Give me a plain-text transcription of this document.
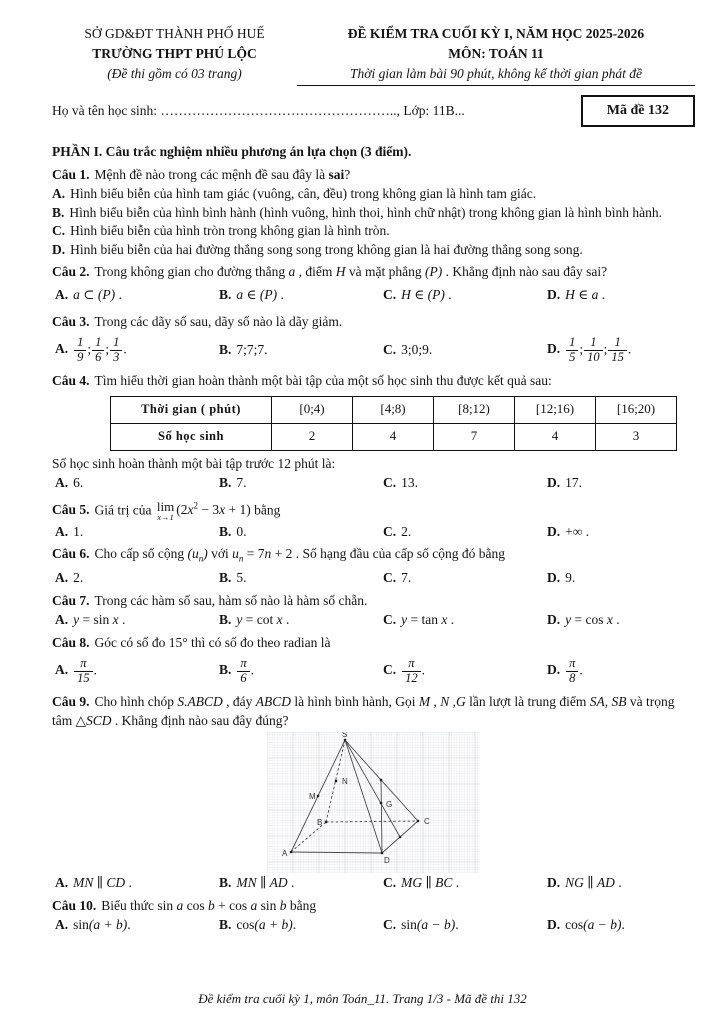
SỞ GD&ĐT THÀNH PHỐ HUẾ
TRƯỜNG THPT PHÚ LỘC
(Đề thi gồm có 03 trang)
ĐỀ KIỂM TRA CUỐI KỲ I, NĂM HỌC 2025-2026
MÔN: TOÁN 11
Thời gian làm bài 90 phút, không kể thời gian phát đề
Họ và tên học sinh: …………………………………………….., Lớp: 11B...	Mã đề 132
PHẦN I. Câu trắc nghiệm nhiều phương án lựa chọn (3 điểm).
Câu 1. Mệnh đề nào trong các mệnh đề sau đây là sai?
A. Hình biểu biễn của hình tam giác (vuông, cân, đều) trong không gian là hình tam giác.
B. Hình biểu biễn của hình bình hành (hình vuông, hình thoi, hình chữ nhật) trong không gian là hình bình hành.
C. Hình biểu biễn của hình tròn trong không gian là hình tròn.
D. Hình biểu biễn của hai đường thẳng song song trong không gian là hai đường thẳng song song.
Câu 2. Trong không gian cho đường thẳng a , điểm H và mặt phẳng (P) . Khẳng định nào sau đây sai?
A. a ⊂ (P) .	B. a ∈ (P) .	C. H ∈ (P) .	D. H ∈ a .
Câu 3. Trong các dãy số sau, dãy số nào là dãy giảm.
A. $\frac{1}{9}$ ; $\frac{1}{6}$ ; $\frac{1}{3}$ .	B. 7;7;7.	C. 3;0;9.	D. $\frac{1}{5}$ ; $\frac{1}{10}$ ; $\frac{1}{15}$ .
Câu 4. Tìm hiểu thời gian hoàn thành một bài tập của một số học sinh thu được kết quả sau:
Thời gian ( phút)	[0;4)	[4;8)	[8;12)	[12;16)	[16;20)
Số học sinh	2	4	7	4	3
Số học sinh hoàn thành một bài tập trước 12 phút là:
A. 6.	B. 7.	C. 13.	D. 17.
Câu 5. Giá trị của lim
x→1
$(2x^2 - 3x + 1)$ bằng
A. 1.	B. 0.	C. 2.	D. +∞ .
Câu 6. Cho cấp số cộng $(u_n)$ với $u_n = 7n + 2$ . Số hạng đầu của cấp số cộng đó bằng
A. 2.	B. 5.	C. 7.	D. 9.
Câu 7. Trong các hàm số sau, hàm số nào là hàm số chẵn.
A. y = sin x .	B. y = cot x .	C. y = tan x .	D. y = cos x .
Câu 8. Góc có số đo 15° thì có số đo theo radian là
A. $\frac{\pi}{15}$ .	B. $\frac{\pi}{6}$ .	C. $\frac{\pi}{12}$ .	D. $\frac{\pi}{8}$ .
Câu 9. Cho hình chóp S.ABCD , đáy ABCD là hình bình hành, Gọi M , N ,G lần lượt là trung điểm SA, SB và trọng tâm △SCD . Khẳng định nào sau đây đúng?
S
A
B	C
D
M
N
G
A. MN ∥ CD .	B. MN ∥ AD .	C. MG ∥ BC .	D. NG ∥ AD .
Câu 10. Biểu thức sin a cos b + cos a sin b bằng
A. sin(a + b).	B. cos(a + b).	C. sin(a − b).	D. cos(a − b).
Đề kiểm tra cuối kỳ 1, môn Toán_11. Trang 1/3 - Mã đề thi 132
